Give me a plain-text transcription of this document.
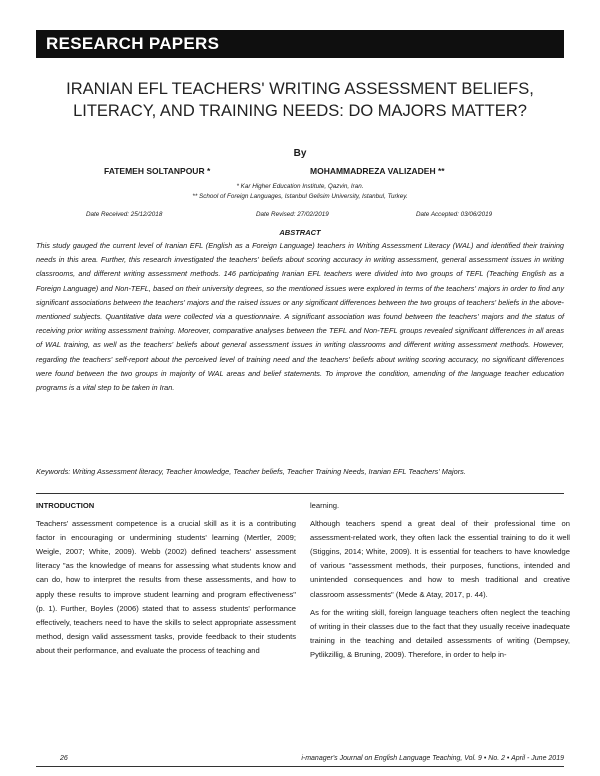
RESEARCH PAPERS
IRANIAN EFL TEACHERS' WRITING ASSESSMENT BELIEFS,
LITERACY, AND TRAINING NEEDS: DO MAJORS MATTER?
By
FATEMEH SOLTANPOUR *	MOHAMMADREZA VALIZADEH **
* Kar Higher Education Institute, Qazvin, Iran.
** School of Foreign Languages, Istanbul Gelisim University, Istanbul, Turkey.
Date Received: 25/12/2018	Date Revised: 27/02/2019	Date Accepted: 03/06/2019
ABSTRACT

This study gauged the current level of Iranian EFL (English as a Foreign Language) teachers in Writing Assessment Literacy (WAL) and identified their training needs in this area. Further, this research investigated the teachers' beliefs about scoring accuracy in writing assessment, general assessment issues in writing classrooms, and different writing assessment methods. 146 participating Iranian EFL teachers were divided into two groups of TEFL (Teaching English as a Foreign Language) and Non-TEFL, based on their university degrees, so the mentioned issues were explored in terms of the teachers' majors in order to find any significant associations between the teachers' majors and the raised issues or any significant differences between the two groups of teachers' beliefs in the above-mentioned subjects. Quantitative data were collected via a questionnaire. A significant association was found between the teachers' majors and the status of receiving prior writing assessment training. Moreover, comparative analyses between the TEFL and Non-TEFL groups revealed significant differences in all areas of WAL training, as well as the teachers' beliefs about general assessment issues in writing classrooms and different writing assessment methods. However, regarding the teachers' self-report about the perceived level of training need and the teachers' beliefs about writing scoring accuracy, no significant differences were found between the two groups in majority of WAL areas and belief statements. To improve the condition, amending of the language teacher education programs is a vital step to be taken in Iran.

Keywords: Writing Assessment literacy, Teacher knowledge, Teacher beliefs, Teacher Training Needs, Iranian EFL Teachers' Majors.

INTRODUCTION

Teachers' assessment competence is a crucial skill as it is a contributing factor in encouraging or undermining students' learning (Mertler, 2009; Weigle, 2007; White, 2009). Webb (2002) defined teachers' assessment literacy "as the knowledge of means for assessing what students know and can do, how to interpret the results from these assessments, and how to apply these results to improve student learning and program effectiveness" (p. 1). Further, Boyles (2006) stated that to assess students' performance effectively, teachers need to have the skills to select appropriate assessment method, design valid assessment tasks, provide feedback to their students about their performance, and evaluate the process of teaching and

learning.

Although teachers spend a great deal of their professional time on assessment-related work, they often lack the essential training to do it well (Stiggins, 2014; White, 2009). It is essential for teachers to have knowledge of various "assessment methods, their purposes, functions, intended and unintended consequences and how to mesh traditional and creative classroom assessments" (Mede & Atay, 2017, p. 44).

As for the writing skill, foreign language teachers often neglect the teaching of writing in their classes due to the fact that they usually receive inadequate training in the teaching and detailed assessments of writing (Dempsey, Pytlikzillig, & Bruning, 2009). Therefore, in order to help in-

26	i-manager's Journal on English Language Teaching, Vol. 9 • No. 2 • April - June 2019
